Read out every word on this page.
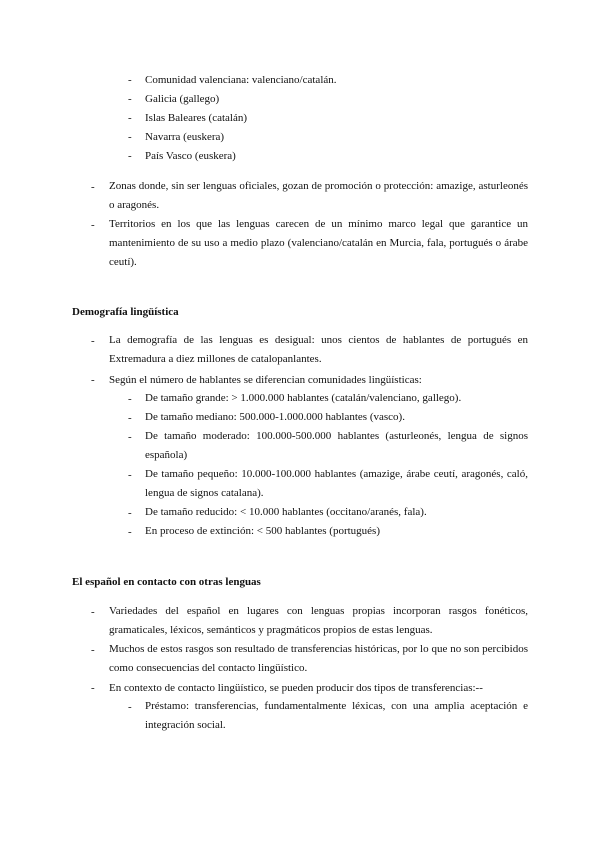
- Comunidad valenciana: valenciano/catalán.
- Galicia (gallego)
- Islas Baleares (catalán)
- Navarra (euskera)
- País Vasco (euskera)
- Zonas donde, sin ser lenguas oficiales, gozan de promoción o protección: amazige, asturleonés o aragonés.
- Territorios en los que las lenguas carecen de un mínimo marco legal que garantice un mantenimiento de su uso a medio plazo (valenciano/catalán en Murcia, fala, portugués o árabe ceutí).
Demografía lingüística
- La demografía de las lenguas es desigual: unos cientos de hablantes de portugués en Extremadura a diez millones de catalopanlantes.
- Según el número de hablantes se diferencian comunidades lingüísticas:
- De tamaño grande: > 1.000.000 hablantes (catalán/valenciano, gallego).
- De tamaño mediano: 500.000-1.000.000 hablantes (vasco).
- De tamaño moderado: 100.000-500.000 hablantes (asturleonés, lengua de signos española)
- De tamaño pequeño: 10.000-100.000 hablantes (amazige, árabe ceutí, aragonés, caló, lengua de signos catalana).
- De tamaño reducido: < 10.000 hablantes (occitano/aranés, fala).
- En proceso de extinción: < 500 hablantes (portugués)
El español en contacto con otras lenguas
- Variedades del español en lugares con lenguas propias incorporan rasgos fonéticos, gramaticales, léxicos, semánticos y pragmáticos propios de estas lenguas.
- Muchos de estos rasgos son resultado de transferencias históricas, por lo que no son percibidos como consecuencias del contacto lingüístico.
- En contexto de contacto lingüístico, se pueden producir dos tipos de transferencias:--
- Préstamo: transferencias, fundamentalmente léxicas, con una amplia aceptación e integración social.
